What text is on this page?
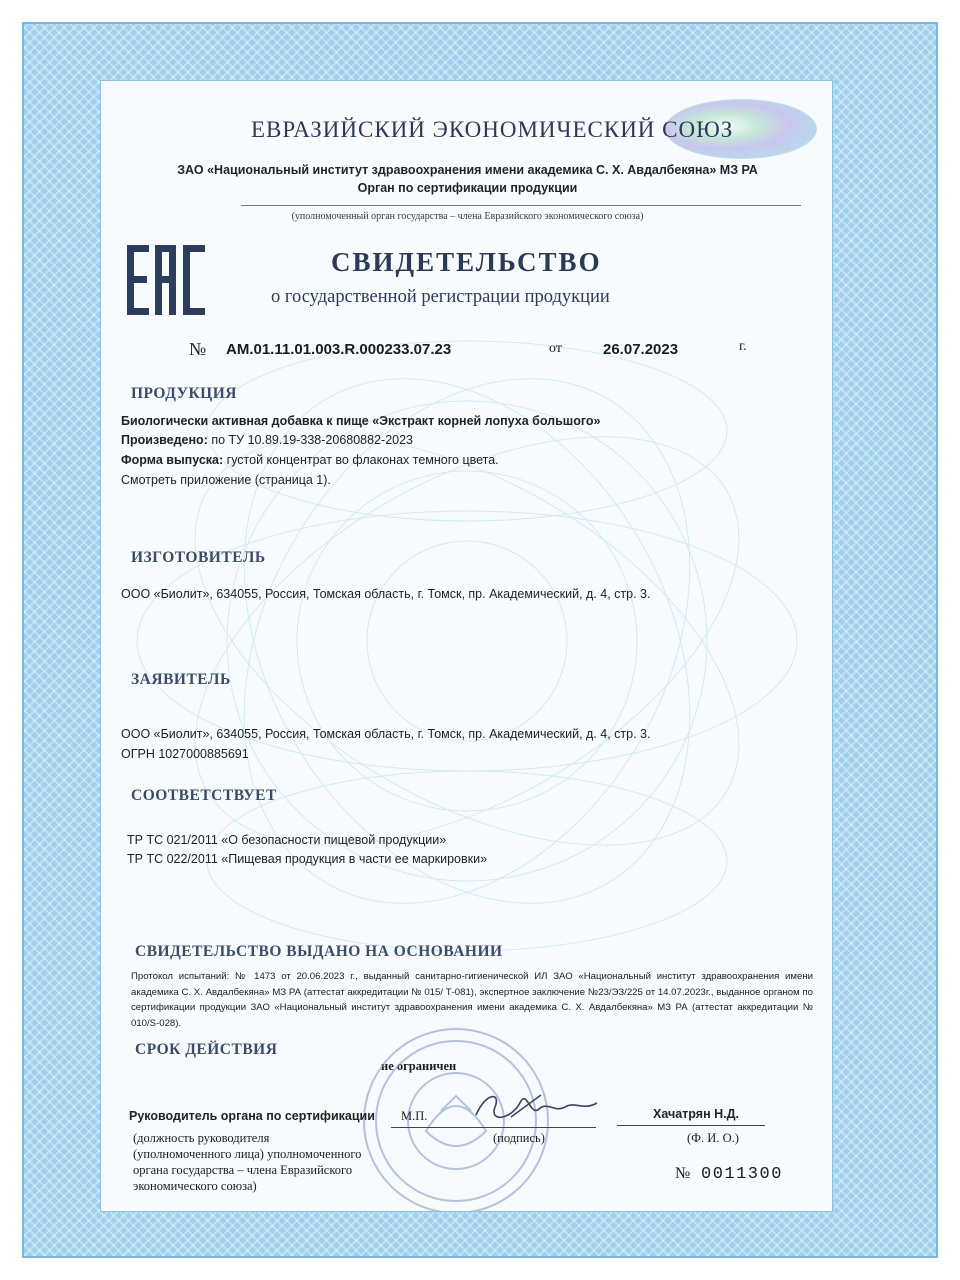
ЕВРАЗИЙСКИЙ ЭКОНОМИЧЕСКИЙ СОЮЗ
ЗАО «Национальный институт здравоохранения имени академика С. Х. Авдалбекяна» МЗ РА
Орган по сертификации продукции
(уполномоченный орган государства – члена Евразийского экономического союза)
EAC
СВИДЕТЕЛЬСТВО
о государственной регистрации продукции
№ AM.01.11.01.003.R.000233.07.23	от	26.07.2023	г.
ПРОДУКЦИЯ
Биологически активная добавка к пище «Экстракт корней лопуха большого»
Произведено: по ТУ 10.89.19-338-20680882-2023
Форма выпуска: густой концентрат во флаконах темного цвета.
Смотреть приложение (страница 1).
ИЗГОТОВИТЕЛЬ
ООО «Биолит», 634055, Россия, Томская область, г. Томск, пр. Академический, д. 4, стр. 3.
ЗАЯВИТЕЛЬ
ООО «Биолит», 634055, Россия, Томская область, г. Томск, пр. Академический, д. 4, стр. 3.
ОГРН 1027000885691
СООТВЕТСТВУЕТ
ТР ТС 021/2011 «О безопасности пищевой продукции»
ТР ТС 022/2011 «Пищевая продукция в части ее маркировки»
СВИДЕТЕЛЬСТВО ВЫДАНО НА ОСНОВАНИИ
Протокол испытаний: № 1473 от 20.06.2023 г., выданный санитарно-гигиенической ИЛ ЗАО «Национальный институт здравоохранения имени академика С. Х. Авдалбекяна» МЗ РА (аттестат аккредитации № 015/ Т-081), экспертное заключение №23/ЭЗ/225 от 14.07.2023г., выданное органом по сертификации продукции ЗАО «Национальный институт здравоохранения имени академика С. Х. Авдалбекяна» МЗ РА (аттестат аккредитации № 010/S-028).
СРОК ДЕЙСТВИЯ
не ограничен
Руководитель органа по сертификации М.П.
(подпись)
Хачатрян Н.Д.
(Ф. И. О.)
(должность руководителя
(уполномоченного лица) уполномоченного
органа государства – члена Евразийского
экономического союза)
№ 0011300
